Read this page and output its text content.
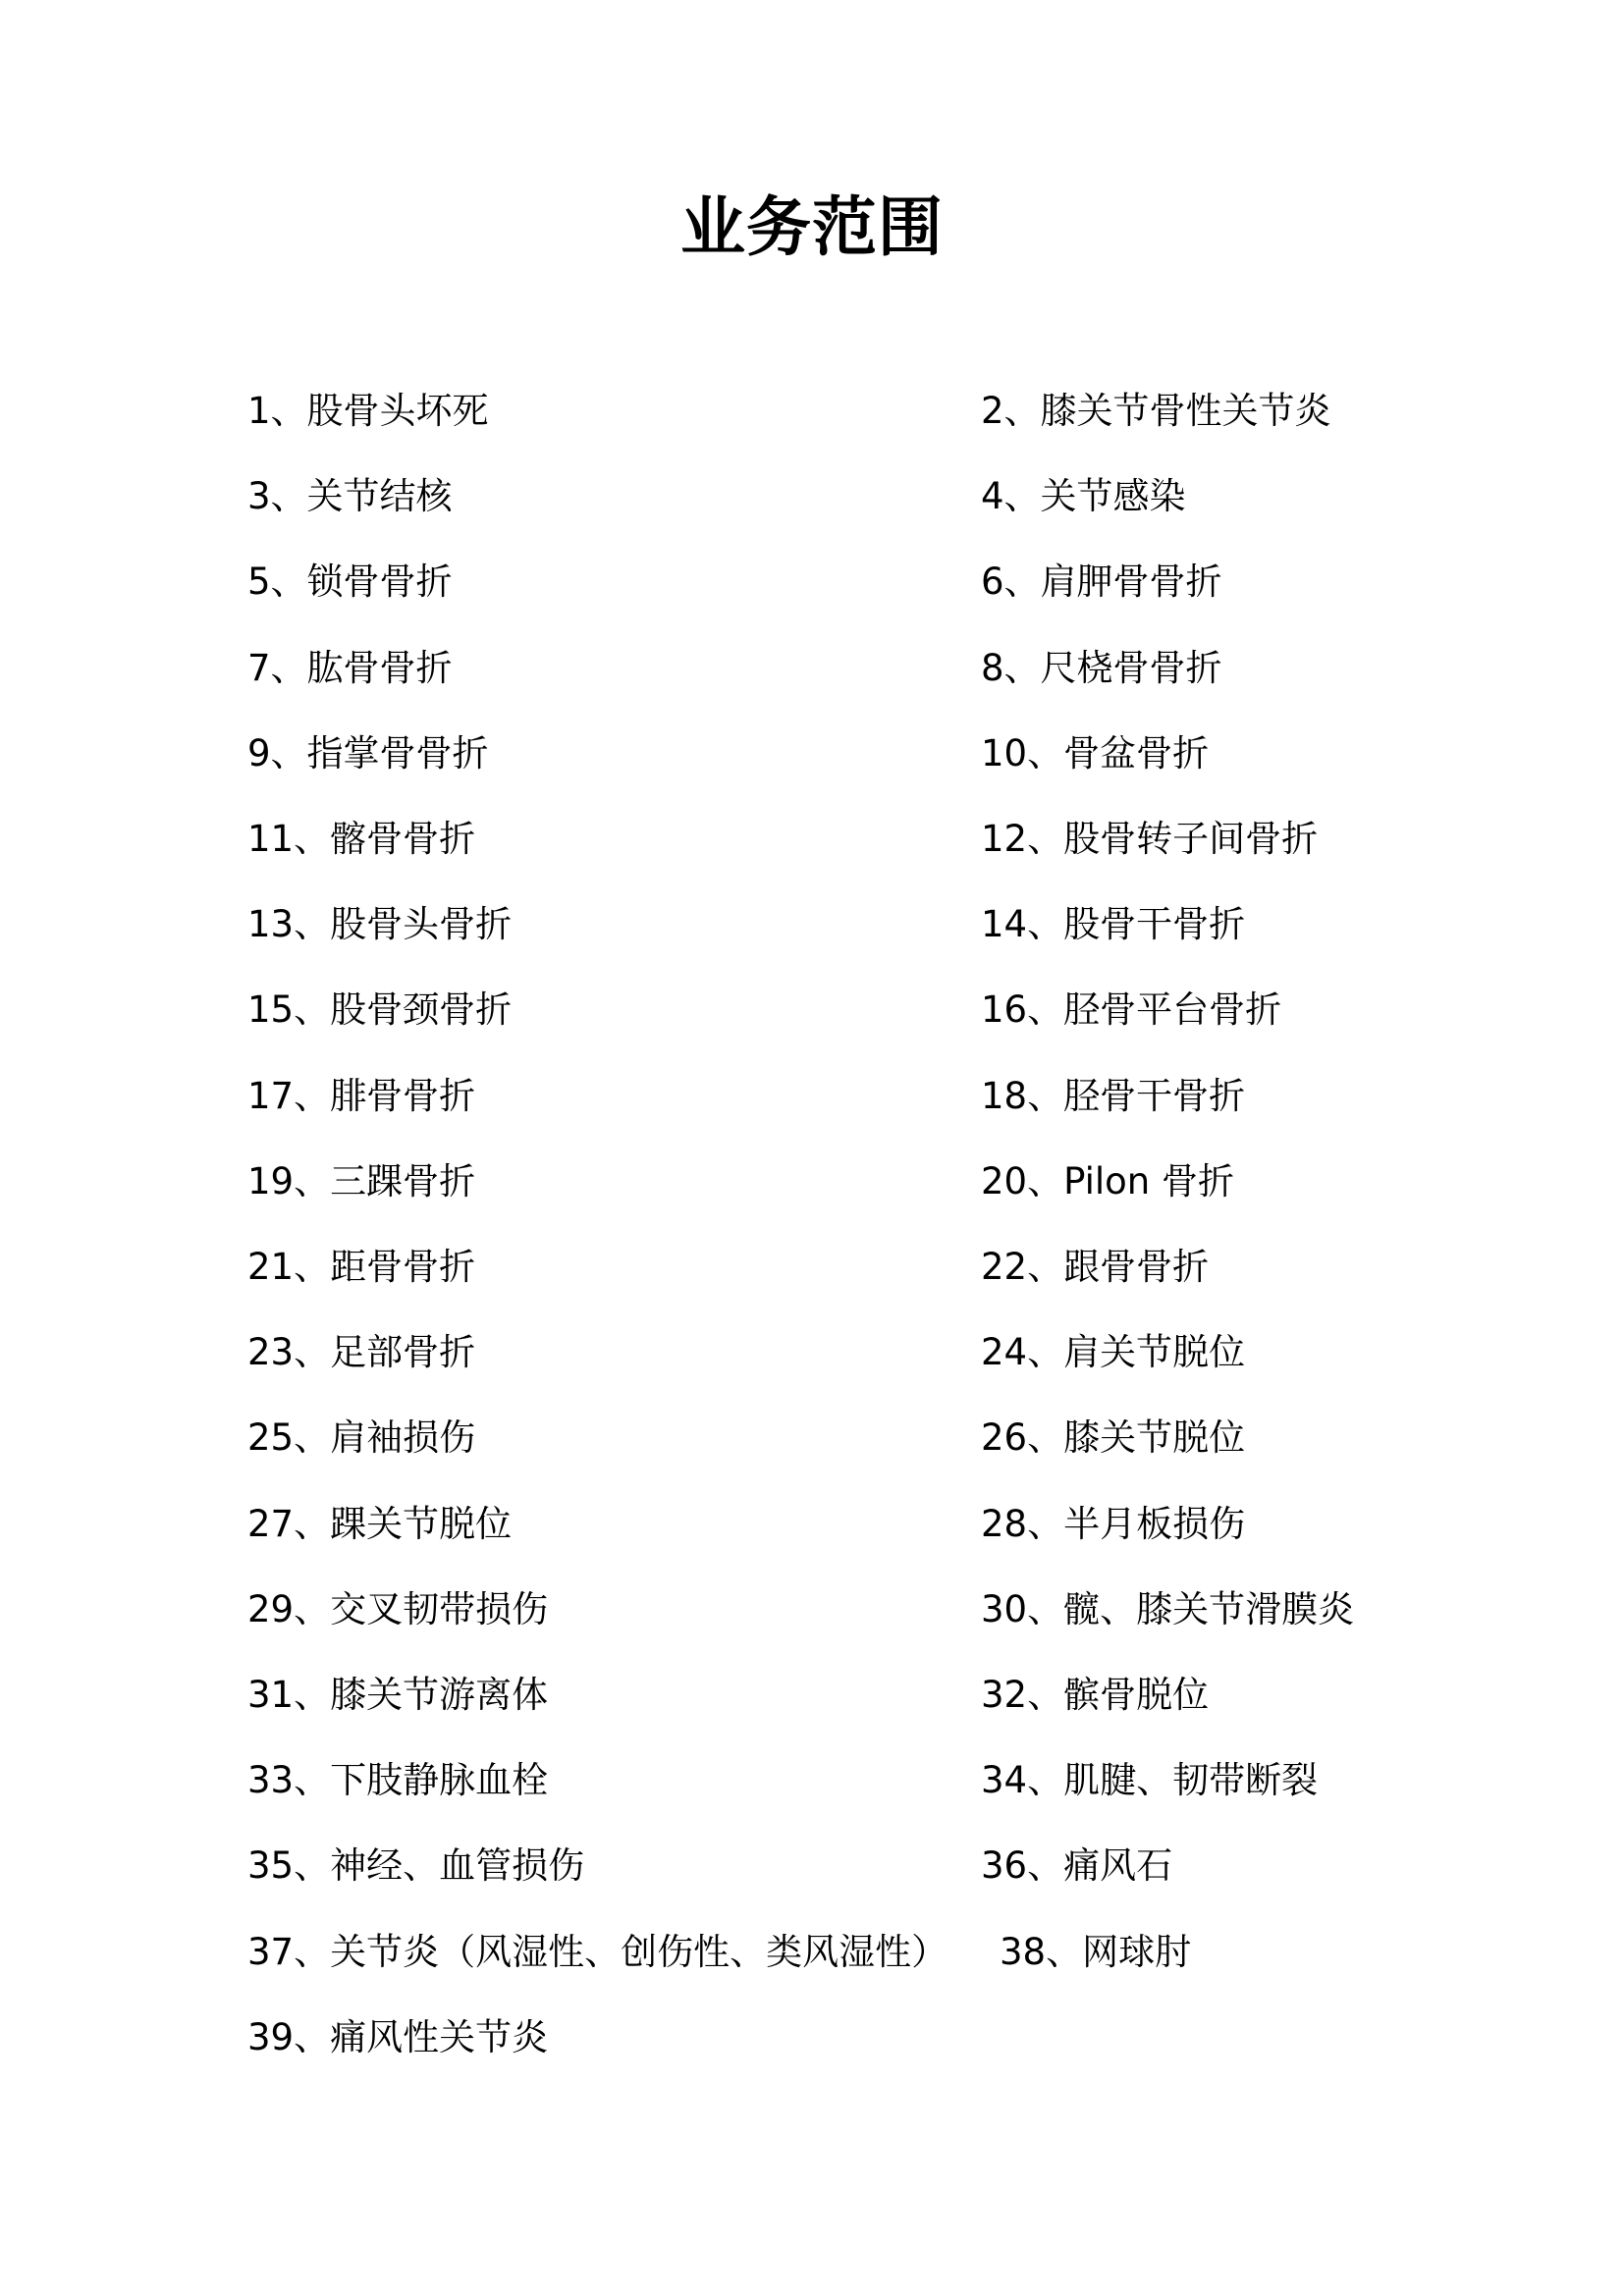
业务范围
1、股骨头坏死	2、膝关节骨性关节炎
3、关节结核	4、关节感染
5、锁骨骨折	6、肩胛骨骨折
7、肱骨骨折	8、尺桡骨骨折
9、指掌骨骨折	10、骨盆骨折
11、髂骨骨折	12、股骨转子间骨折
13、股骨头骨折	14、股骨干骨折
15、股骨颈骨折	16、胫骨平台骨折
17、腓骨骨折	18、胫骨干骨折
19、三踝骨折	20、Pilon 骨折
21、距骨骨折	22、跟骨骨折
23、足部骨折	24、肩关节脱位
25、肩袖损伤	26、膝关节脱位
27、踝关节脱位	28、半月板损伤
29、交叉韧带损伤	30、髋、膝关节滑膜炎
31、膝关节游离体	32、髌骨脱位
33、下肢静脉血栓	34、肌腱、韧带断裂
35、神经、血管损伤	36、痛风石
37、关节炎（风湿性、创伤性、类风湿性） 38、网球肘
39、痛风性关节炎
